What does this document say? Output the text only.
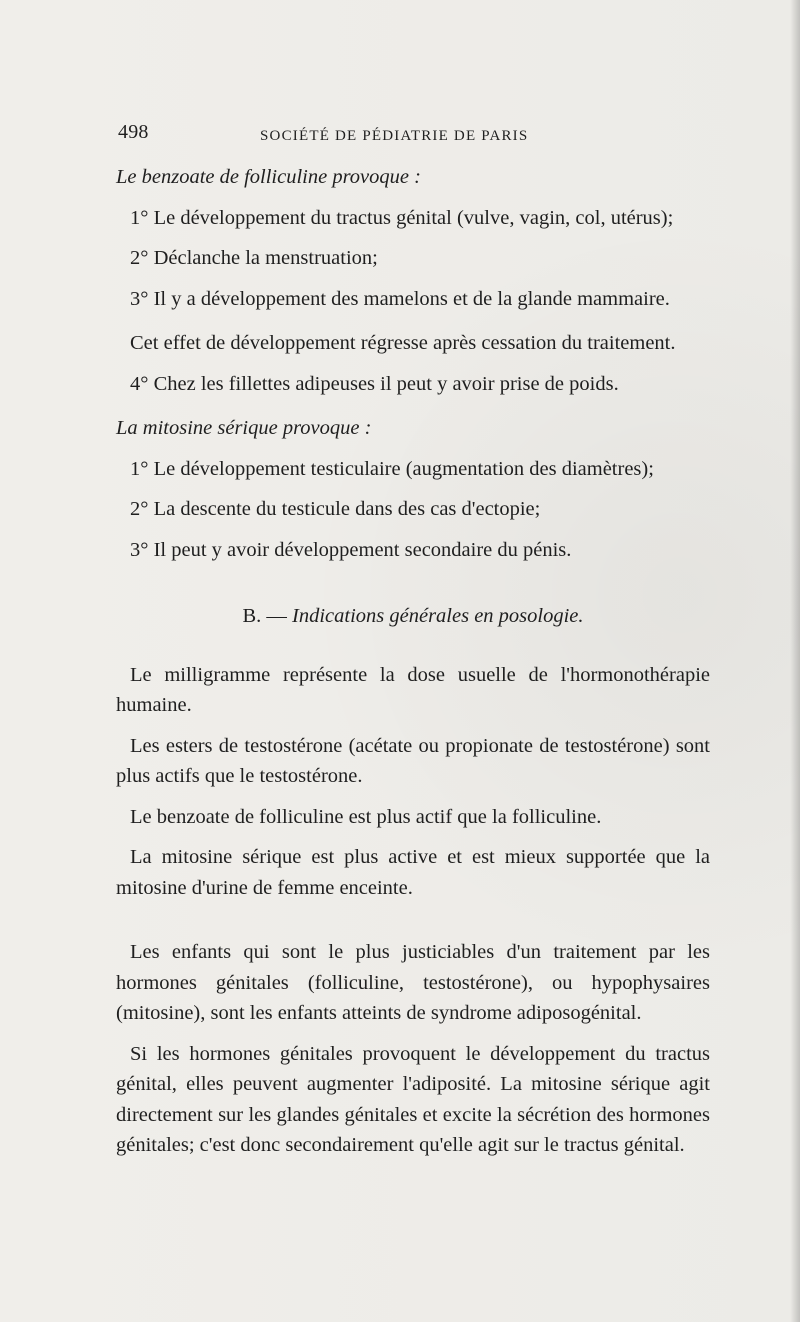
498	SOCIÉTÉ DE PÉDIATRIE DE PARIS

Le benzoate de folliculine provoque :

1° Le développement du tractus génital (vulve, vagin, col, utérus);

2° Déclanche la menstruation;

3° Il y a développement des mamelons et de la glande mammaire.

Cet effet de développement régresse après cessation du traitement.

4° Chez les fillettes adipeuses il peut y avoir prise de poids.

La mitosine sérique provoque :

1° Le développement testiculaire (augmentation des diamètres);

2° La descente du testicule dans des cas d'ectopie;

3° Il peut y avoir développement secondaire du pénis.

B. — Indications générales en posologie.

Le milligramme représente la dose usuelle de l'hormonothérapie humaine.

Les esters de testostérone (acétate ou propionate de testostérone) sont plus actifs que le testostérone.

Le benzoate de folliculine est plus actif que la folliculine.

La mitosine sérique est plus active et est mieux supportée que la mitosine d'urine de femme enceinte.

Les enfants qui sont le plus justiciables d'un traitement par les hormones génitales (folliculine, testostérone), ou hypophysaires (mitosine), sont les enfants atteints de syndrome adiposogénital.

Si les hormones génitales provoquent le développement du tractus génital, elles peuvent augmenter l'adiposité. La mitosine sérique agit directement sur les glandes génitales et excite la sécrétion des hormones génitales; c'est donc secondairement qu'elle agit sur le tractus génital.
